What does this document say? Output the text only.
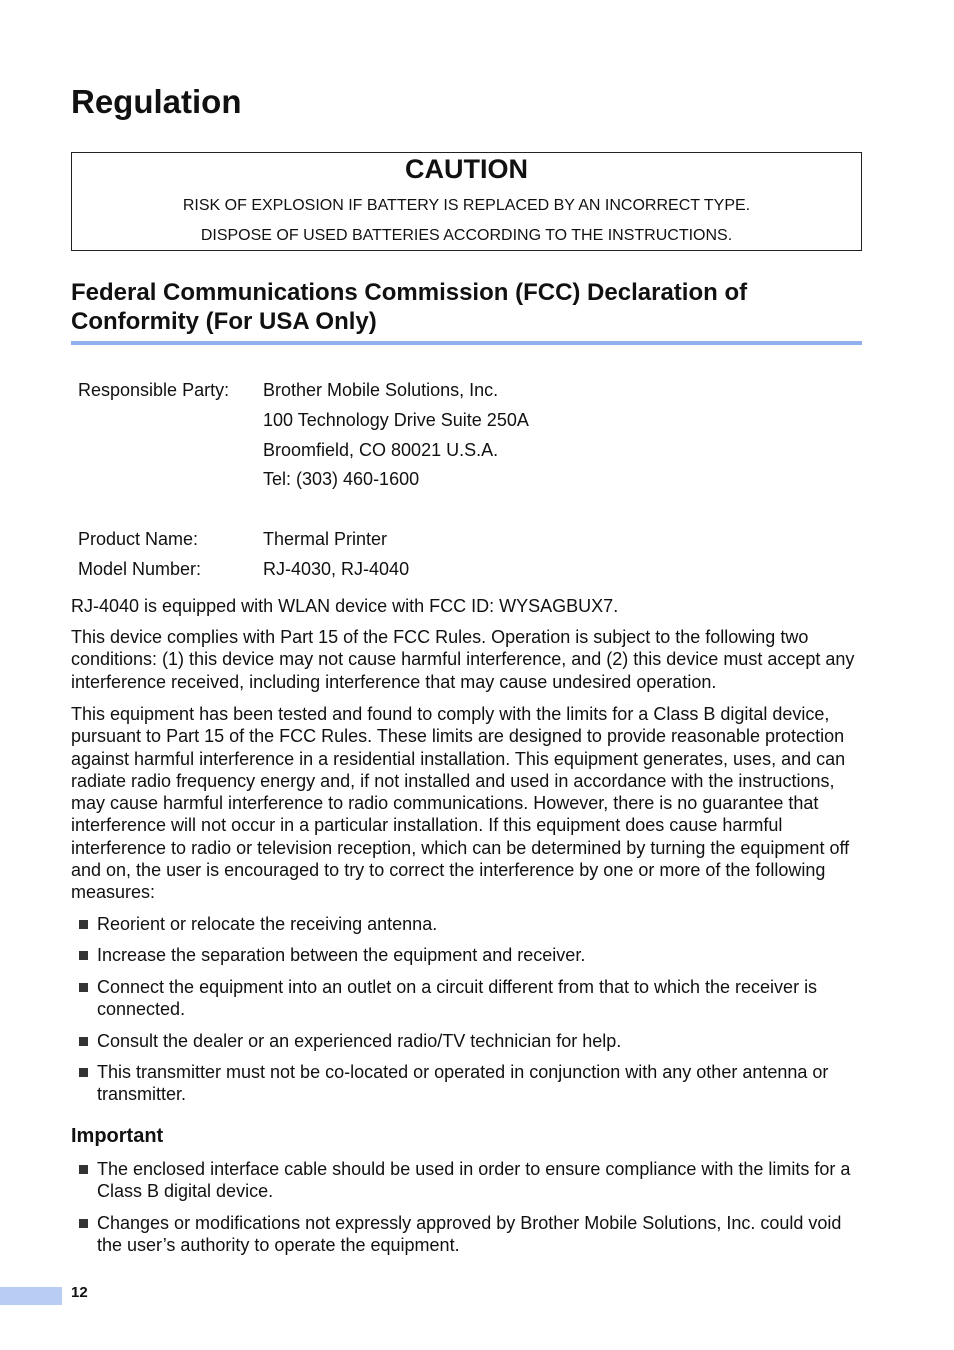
Regulation
CAUTION
RISK OF EXPLOSION IF BATTERY IS REPLACED BY AN INCORRECT TYPE.
DISPOSE OF USED BATTERIES ACCORDING TO THE INSTRUCTIONS.
Federal Communications Commission (FCC) Declaration of Conformity (For USA Only)
Responsible Party:	Brother Mobile Solutions, Inc.
100 Technology Drive Suite 250A
Broomfield, CO 80021 U.S.A.
Tel: (303) 460-1600
Product Name:	Thermal Printer
Model Number:	RJ-4030, RJ-4040

RJ-4040 is equipped with WLAN device with FCC ID: WYSAGBUX7.

This device complies with Part 15 of the FCC Rules. Operation is subject to the following two conditions: (1) this device may not cause harmful interference, and (2) this device must accept any interference received, including interference that may cause undesired operation.

This equipment has been tested and found to comply with the limits for a Class B digital device, pursuant to Part 15 of the FCC Rules. These limits are designed to provide reasonable protection against harmful interference in a residential installation. This equipment generates, uses, and can radiate radio frequency energy and, if not installed and used in accordance with the instructions, may cause harmful interference to radio communications. However, there is no guarantee that interference will not occur in a particular installation. If this equipment does cause harmful interference to radio or television reception, which can be determined by turning the equipment off and on, the user is encouraged to try to correct the interference by one or more of the following measures:

Reorient or relocate the receiving antenna.
Increase the separation between the equipment and receiver.
Connect the equipment into an outlet on a circuit different from that to which the receiver is connected.
Consult the dealer or an experienced radio/TV technician for help.
This transmitter must not be co-located or operated in conjunction with any other antenna or transmitter.
Important
The enclosed interface cable should be used in order to ensure compliance with the limits for a Class B digital device.
Changes or modifications not expressly approved by Brother Mobile Solutions, Inc. could void the user’s authority to operate the equipment.
12
